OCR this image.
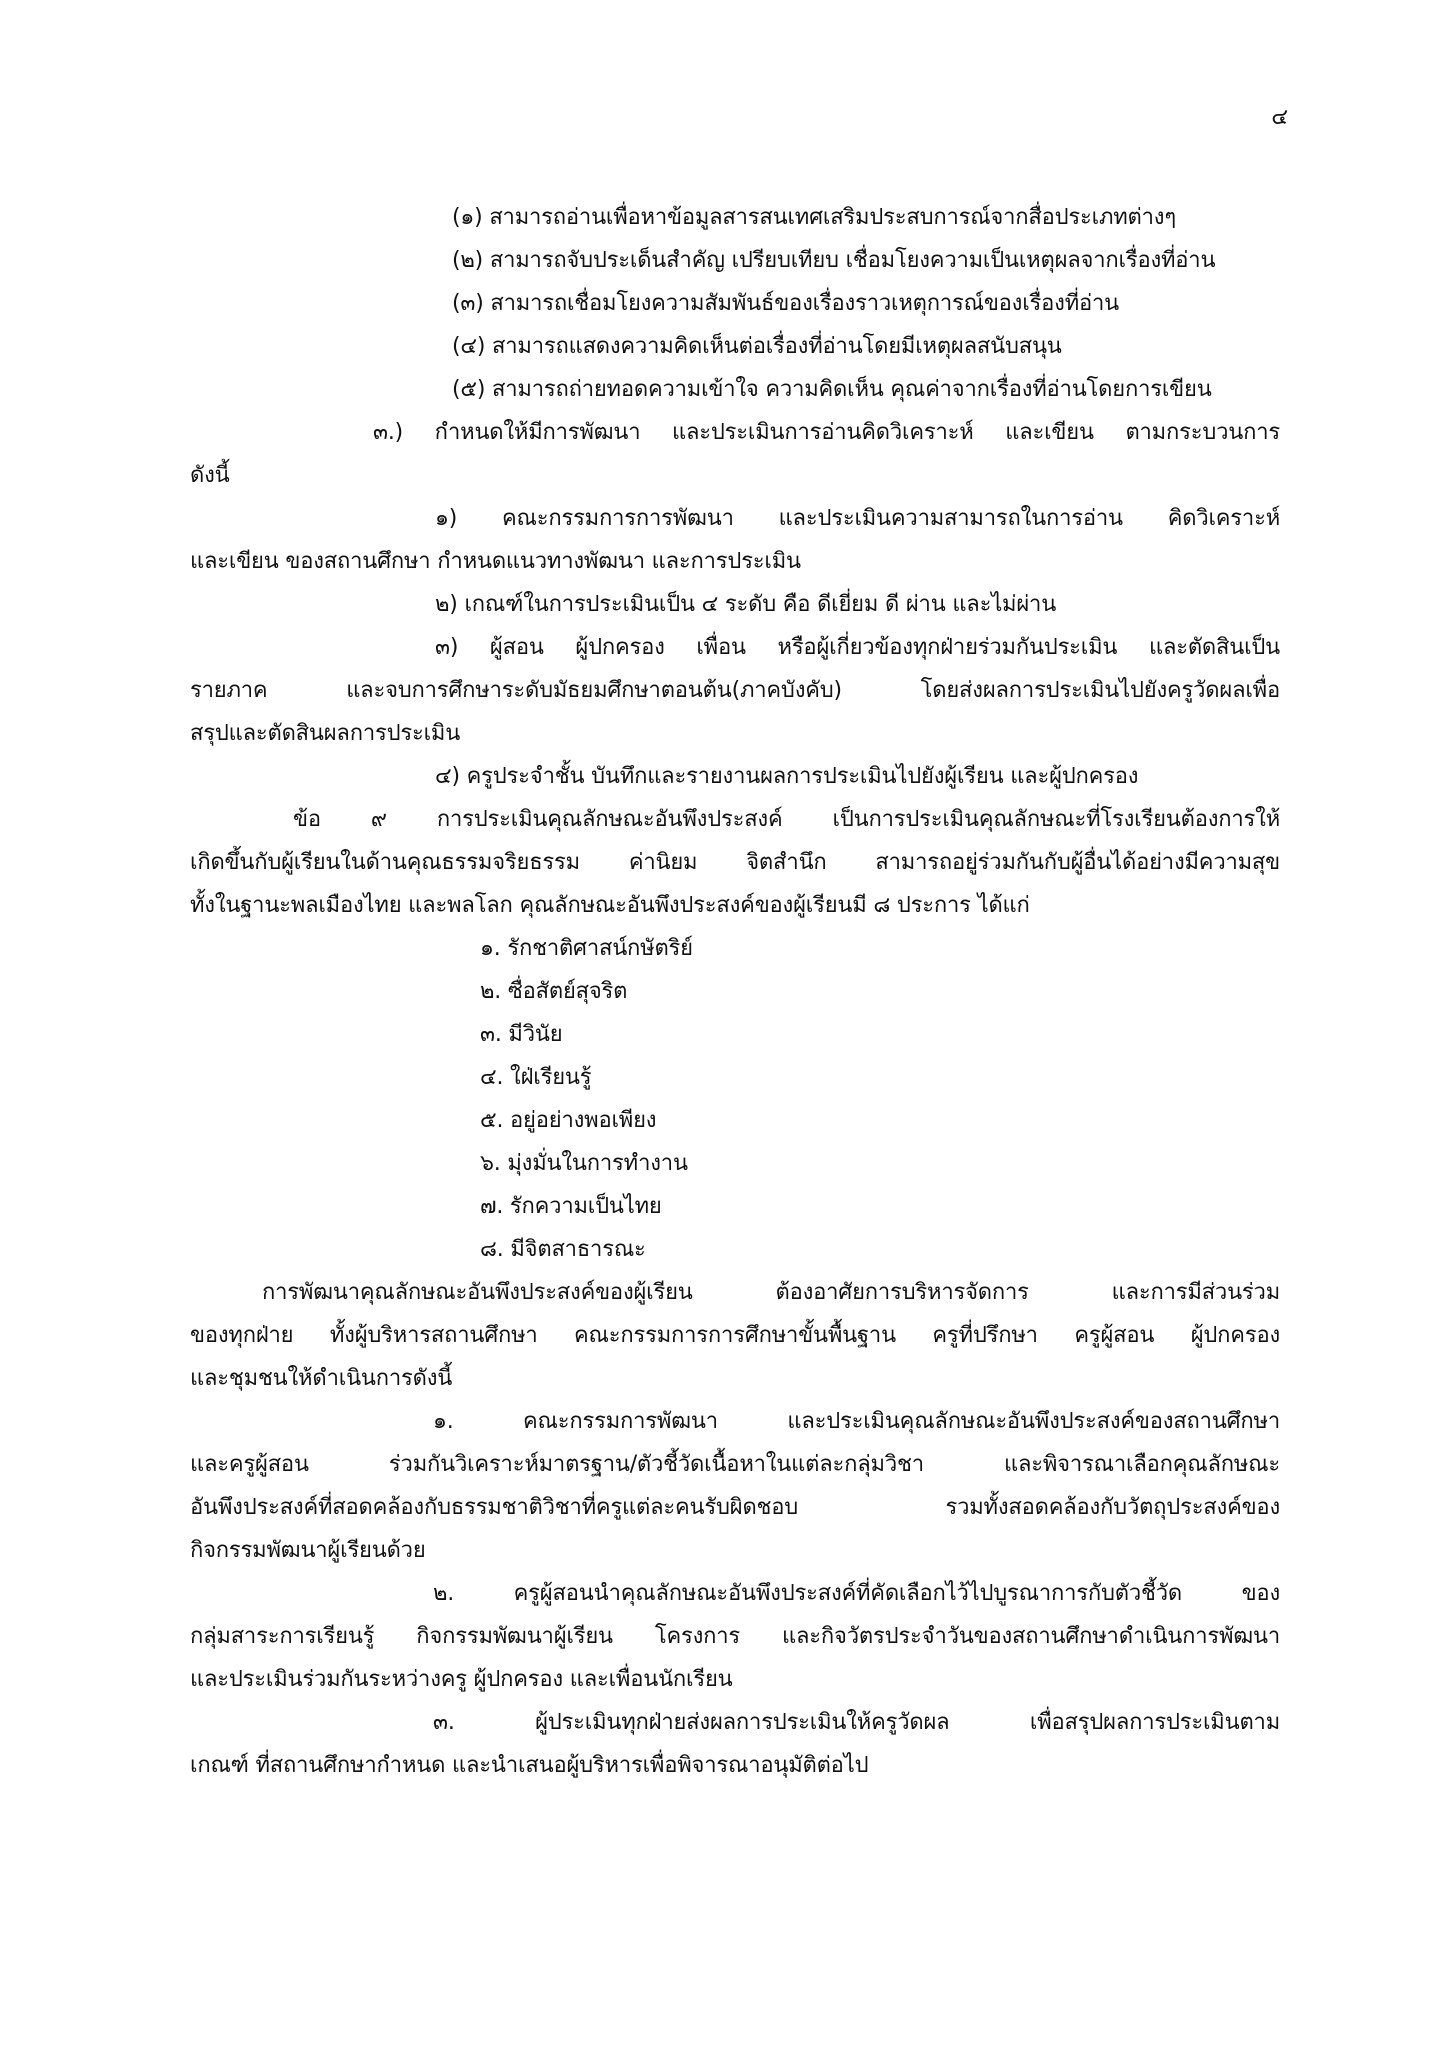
๔
(๑) สามารถอ่านเพื่อหาข้อมูลสารสนเทศเสริมประสบการณ์จากสื่อประเภทต่างๆ
(๒) สามารถจับประเด็นสำคัญ เปรียบเทียบ เชื่อมโยงความเป็นเหตุผลจากเรื่องที่อ่าน
(๓) สามารถเชื่อมโยงความสัมพันธ์ของเรื่องราวเหตุการณ์ของเรื่องที่อ่าน
(๔) สามารถแสดงความคิดเห็นต่อเรื่องที่อ่านโดยมีเหตุผลสนับสนุน
(๕) สามารถถ่ายทอดความเข้าใจ ความคิดเห็น คุณค่าจากเรื่องที่อ่านโดยการเขียน
๓.) กำหนดให้มีการพัฒนา และประเมินการอ่านคิดวิเคราะห์ และเขียน ตามกระบวนการ
ดังนี้
๑) คณะกรรมการการพัฒนา และประเมินความสามารถในการอ่าน คิดวิเคราะห์
และเขียน ของสถานศึกษา กำหนดแนวทางพัฒนา และการประเมิน
๒) เกณฑ์ในการประเมินเป็น ๔ ระดับ คือ ดีเยี่ยม ดี ผ่าน และไม่ผ่าน
๓) ผู้สอน ผู้ปกครอง เพื่อน หรือผู้เกี่ยวข้องทุกฝ่ายร่วมกันประเมิน และตัดสินเป็น
รายภาค และจบการศึกษาระดับมัธยมศึกษาตอนต้น(ภาคบังคับ) โดยส่งผลการประเมินไปยังครูวัดผลเพื่อ
สรุปและตัดสินผลการประเมิน
๔) ครูประจำชั้น บันทึกและรายงานผลการประเมินไปยังผู้เรียน และผู้ปกครอง
ข้อ ๙ การประเมินคุณลักษณะอันพึงประสงค์ เป็นการประเมินคุณลักษณะที่โรงเรียนต้องการให้
เกิดขึ้นกับผู้เรียนในด้านคุณธรรมจริยธรรม ค่านิยม จิตสำนึก สามารถอยู่ร่วมกันกับผู้อื่นได้อย่างมีความสุข
ทั้งในฐานะพลเมืองไทย และพลโลก คุณลักษณะอันพึงประสงค์ของผู้เรียนมี ๘ ประการ ได้แก่
๑. รักชาติศาสน์กษัตริย์
๒. ซื่อสัตย์สุจริต
๓. มีวินัย
๔. ใฝ่เรียนรู้
๕. อยู่อย่างพอเพียง
๖. มุ่งมั่นในการทำงาน
๗. รักความเป็นไทย
๘. มีจิตสาธารณะ
การพัฒนาคุณลักษณะอันพึงประสงค์ของผู้เรียน ต้องอาศัยการบริหารจัดการ และการมีส่วนร่วม
ของทุกฝ่าย ทั้งผู้บริหารสถานศึกษา คณะกรรมการการศึกษาขั้นพื้นฐาน ครูที่ปรึกษา ครูผู้สอน ผู้ปกครอง
และชุมชนให้ดำเนินการดังนี้
๑. คณะกรรมการพัฒนา และประเมินคุณลักษณะอันพึงประสงค์ของสถานศึกษา
และครูผู้สอน ร่วมกันวิเคราะห์มาตรฐาน/ตัวชี้วัดเนื้อหาในแต่ละกลุ่มวิชา และพิจารณาเลือกคุณลักษณะ
อันพึงประสงค์ที่สอดคล้องกับธรรมชาติวิชาที่ครูแต่ละคนรับผิดชอบ รวมทั้งสอดคล้องกับวัตถุประสงค์ของ
กิจกรรมพัฒนาผู้เรียนด้วย
๒. ครูผู้สอนนำคุณลักษณะอันพึงประสงค์ที่คัดเลือกไว้ไปบูรณาการกับตัวชี้วัด ของ
กลุ่มสาระการเรียนรู้ กิจกรรมพัฒนาผู้เรียน โครงการ และกิจวัตรประจำวันของสถานศึกษาดำเนินการพัฒนา
และประเมินร่วมกันระหว่างครู ผู้ปกครอง และเพื่อนนักเรียน
๓. ผู้ประเมินทุกฝ่ายส่งผลการประเมินให้ครูวัดผล เพื่อสรุปผลการประเมินตาม
เกณฑ์ ที่สถานศึกษากำหนด และนำเสนอผู้บริหารเพื่อพิจารณาอนุมัติต่อไป
